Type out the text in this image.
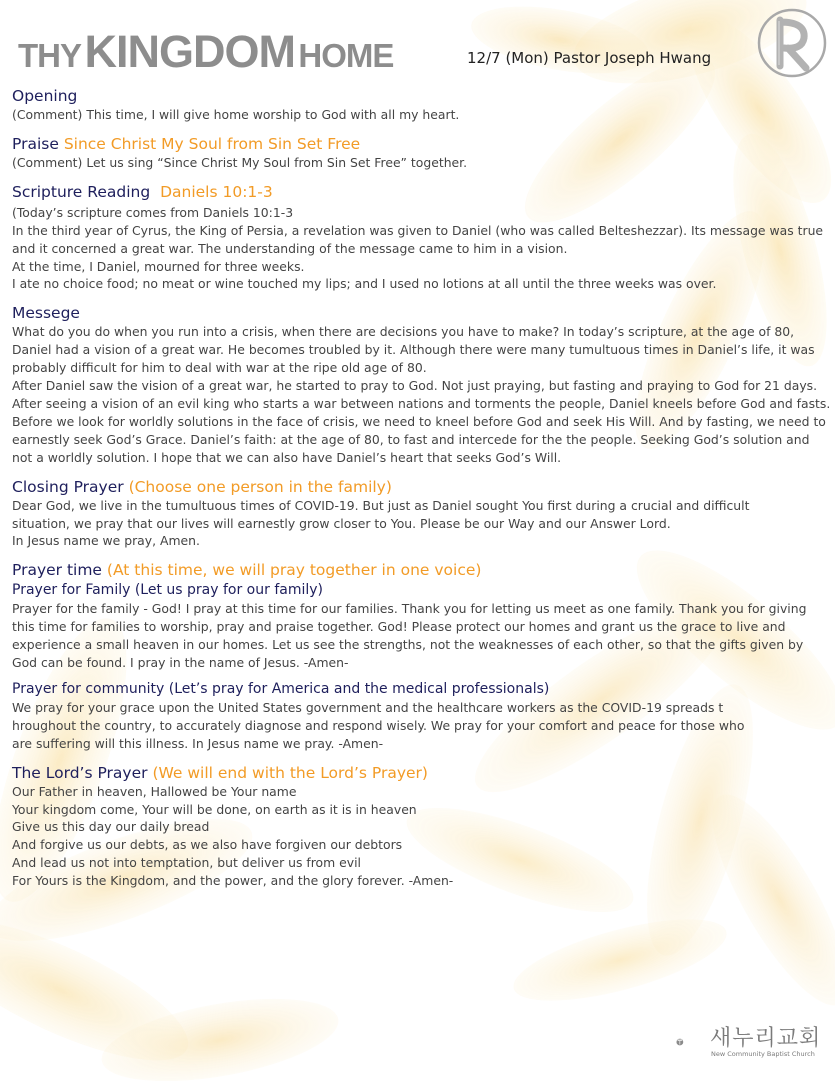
THY KINGDOM HOME	12/7 (Mon) Pastor Joseph Hwang
Opening
(Comment) This time, I will give home worship to God with all my heart.
Praise Since Christ My Soul from Sin Set Free
(Comment) Let us sing “Since Christ My Soul from Sin Set Free” together.
Scripture Reading Daniels 10:1-3
(Today’s scripture comes from Daniels 10:1-3
In the third year of Cyrus, the King of Persia, a revelation was given to Daniel (who was called Belteshezzar). Its message was true
and it concerned a great war. The understanding of the message came to him in a vision.
At the time, I Daniel, mourned for three weeks.
I ate no choice food; no meat or wine touched my lips; and I used no lotions at all until the three weeks was over.
Messege
What do you do when you run into a crisis, when there are decisions you have to make? In today’s scripture, at the age of 80,
Daniel had a vision of a great war. He becomes troubled by it. Although there were many tumultuous times in Daniel’s life, it was
probably difficult for him to deal with war at the ripe old age of 80.
After Daniel saw the vision of a great war, he started to pray to God. Not just praying, but fasting and praying to God for 21 days.
After seeing a vision of an evil king who starts a war between nations and torments the people, Daniel kneels before God and fasts.
Before we look for worldly solutions in the face of crisis, we need to kneel before God and seek His Will. And by fasting, we need to
earnestly seek God’s Grace. Daniel’s faith: at the age of 80, to fast and intercede for the the people. Seeking God’s solution and
not a worldly solution. I hope that we can also have Daniel’s heart that seeks God’s Will.
Closing Prayer (Choose one person in the family)
Dear God, we live in the tumultuous times of COVID-19. But just as Daniel sought You first during a crucial and difficult
situation, we pray that our lives will earnestly grow closer to You. Please be our Way and our Answer Lord.
In Jesus name we pray, Amen.
Prayer time (At this time, we will pray together in one voice)
Prayer for Family (Let us pray for our family)
Prayer for the family - God! I pray at this time for our families. Thank you for letting us meet as one family. Thank you for giving
this time for families to worship, pray and praise together. God! Please protect our homes and grant us the grace to live and
experience a small heaven in our homes. Let us see the strengths, not the weaknesses of each other, so that the gifts given by
God can be found. I pray in the name of Jesus. -Amen-
Prayer for community (Let’s pray for America and the medical professionals)
We pray for your grace upon the United States government and the healthcare workers as the COVID-19 spreads t
hroughout the country, to accurately diagnose and respond wisely. We pray for your comfort and peace for those who
are suffering will this illness. In Jesus name we pray. -Amen-
The Lord’s Prayer (We will end with the Lord’s Prayer)
Our Father in heaven, Hallowed be Your name
Your kingdom come, Your will be done, on earth as it is in heaven
Give us this day our daily bread
And forgive us our debts, as we also have forgiven our debtors
And lead us not into temptation, but deliver us from evil
For Yours is the Kingdom, and the power, and the glory forever. -Amen-
새누리교회
New Community Baptist Church
